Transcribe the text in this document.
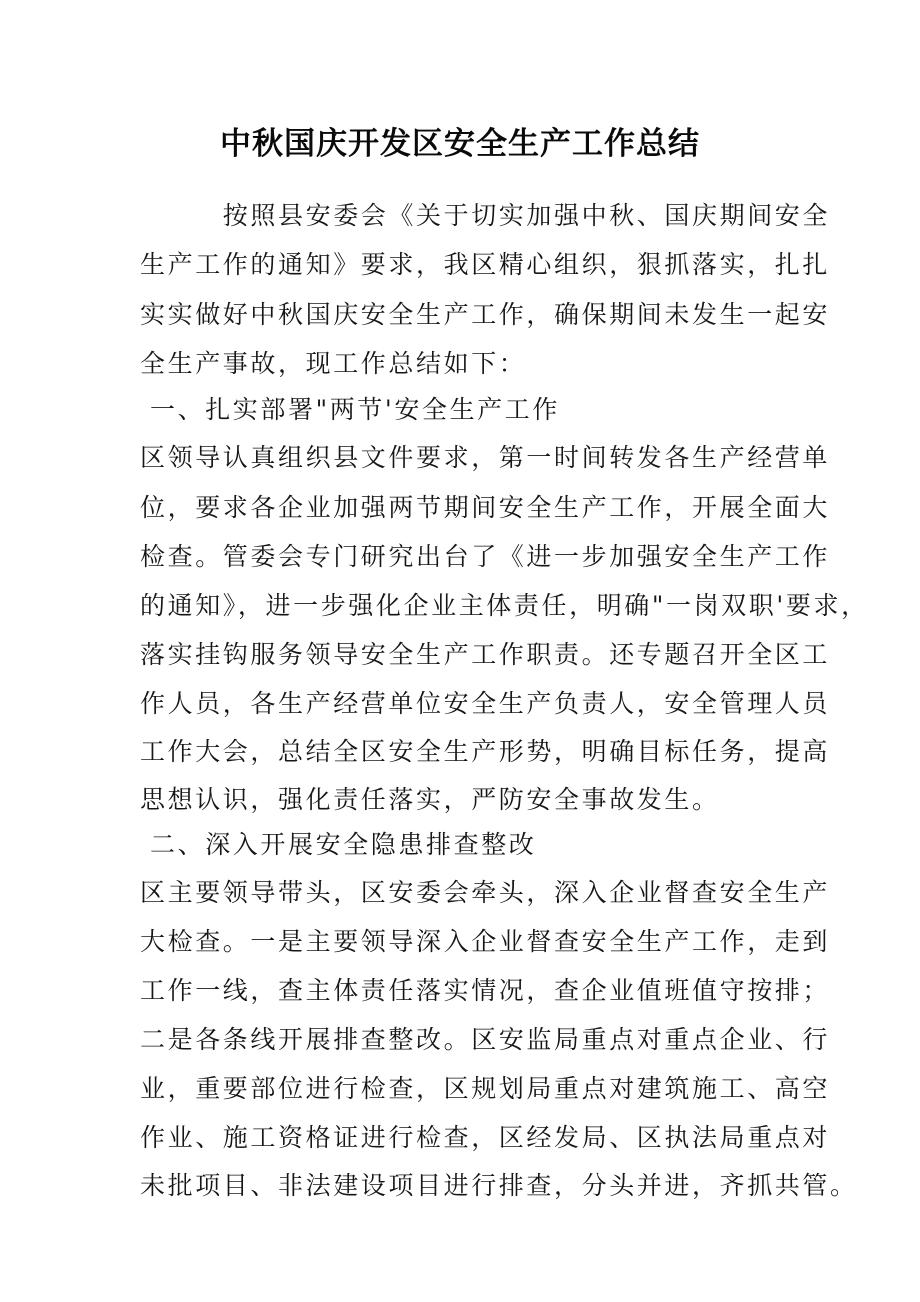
中秋国庆开发区安全生产工作总结
　　　按照县安委会《关于切实加强中秋、国庆期间安全
生产工作的通知》要求，我区精心组织，狠抓落实，扎扎
实实做好中秋国庆安全生产工作，确保期间未发生一起安
全生产事故，现工作总结如下：
一、扎实部署"两节'安全生产工作
区领导认真组织县文件要求，第一时间转发各生产经营单
位，要求各企业加强两节期间安全生产工作，开展全面大
检查。管委会专门研究出台了《进一步加强安全生产工作
的通知》，进一步强化企业主体责任，明确"一岗双职'要求，
落实挂钩服务领导安全生产工作职责。还专题召开全区工
作人员，各生产经营单位安全生产负责人，安全管理人员
工作大会，总结全区安全生产形势，明确目标任务，提高
思想认识，强化责任落实，严防安全事故发生。
二、深入开展安全隐患排查整改
区主要领导带头，区安委会牵头，深入企业督查安全生产
大检查。一是主要领导深入企业督查安全生产工作，走到
工作一线，查主体责任落实情况，查企业值班值守按排；
二是各条线开展排查整改。区安监局重点对重点企业、行
业，重要部位进行检查，区规划局重点对建筑施工、高空
作业、施工资格证进行检查，区经发局、区执法局重点对
未批项目、非法建设项目进行排查，分头并进，齐抓共管。
